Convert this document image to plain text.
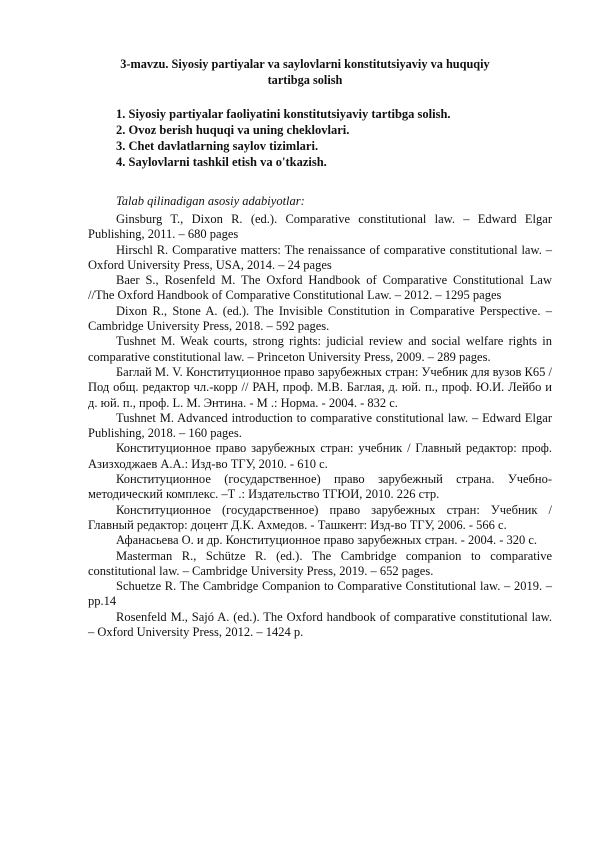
3-mavzu. Siyosiy partiyalar va saylovlarni konstitutsiyaviy va huquqiy tartibga solish
1. Siyosiy partiyalar faoliyatini konstitutsiyaviy tartibga solish.
2. Ovoz berish huquqi va uning cheklovlari.
3. Chet davlatlarning saylov tizimlari.
4. Saylovlarni tashkil etish va o'tkazish.
Talab qilinadigan asosiy adabiyotlar:

Ginsburg T., Dixon R. (ed.). Comparative constitutional law. – Edward Elgar Publishing, 2011. – 680 pages

Hirschl R. Comparative matters: The renaissance of comparative constitutional law. – Oxford University Press, USA, 2014. – 24 pages

Baer S., Rosenfeld M. The Oxford Handbook of Comparative Constitutional Law //The Oxford Handbook of Comparative Constitutional Law. – 2012. – 1295 pages

Dixon R., Stone A. (ed.). The Invisible Constitution in Comparative Perspective. – Cambridge University Press, 2018. – 592 pages.

Tushnet M. Weak courts, strong rights: judicial review and social welfare rights in comparative constitutional law. – Princeton University Press, 2009. – 289 pages.

Баглай М. V. Конституционное право зарубежных стран: Учебник для вузов К65 / Под общ. редактор чл.-корр // РАН, проф. М.В. Баглая, д. юй. п., проф. Ю.И. Лейбо и д. юй. п., проф. L. М. Энтина. - М .: Норма. - 2004. - 832 с.

Tushnet M. Advanced introduction to comparative constitutional law. – Edward Elgar Publishing, 2018. – 160 pages.

Конституционное право зарубежных стран: учебник / Главный редактор: проф. Азизходжаев А.А.: Изд-во ТГУ, 2010. - 610 с.

Конституционное (государственное) право зарубежный страна. Учебно-методический комплекс. –Т .: Издательство ТГЮИ, 2010. 226 стр.

Конституционное (государственное) право зарубежных стран: Учебник / Главный редактор: доцент Д.К. Ахмедов. - Ташкент: Изд-во ТГУ, 2006. - 566 с.

Афанасьева О. и др. Конституционное право зарубежных стран. - 2004. - 320 с.

Masterman R., Schütze R. (ed.). The Cambridge companion to comparative constitutional law. – Cambridge University Press, 2019. – 652 pages.

Schuetze R. The Cambridge Companion to Comparative Constitutional law. – 2019. – pp.14

Rosenfeld M., Sajó A. (ed.). The Oxford handbook of comparative constitutional law. – Oxford University Press, 2012. – 1424 p.
